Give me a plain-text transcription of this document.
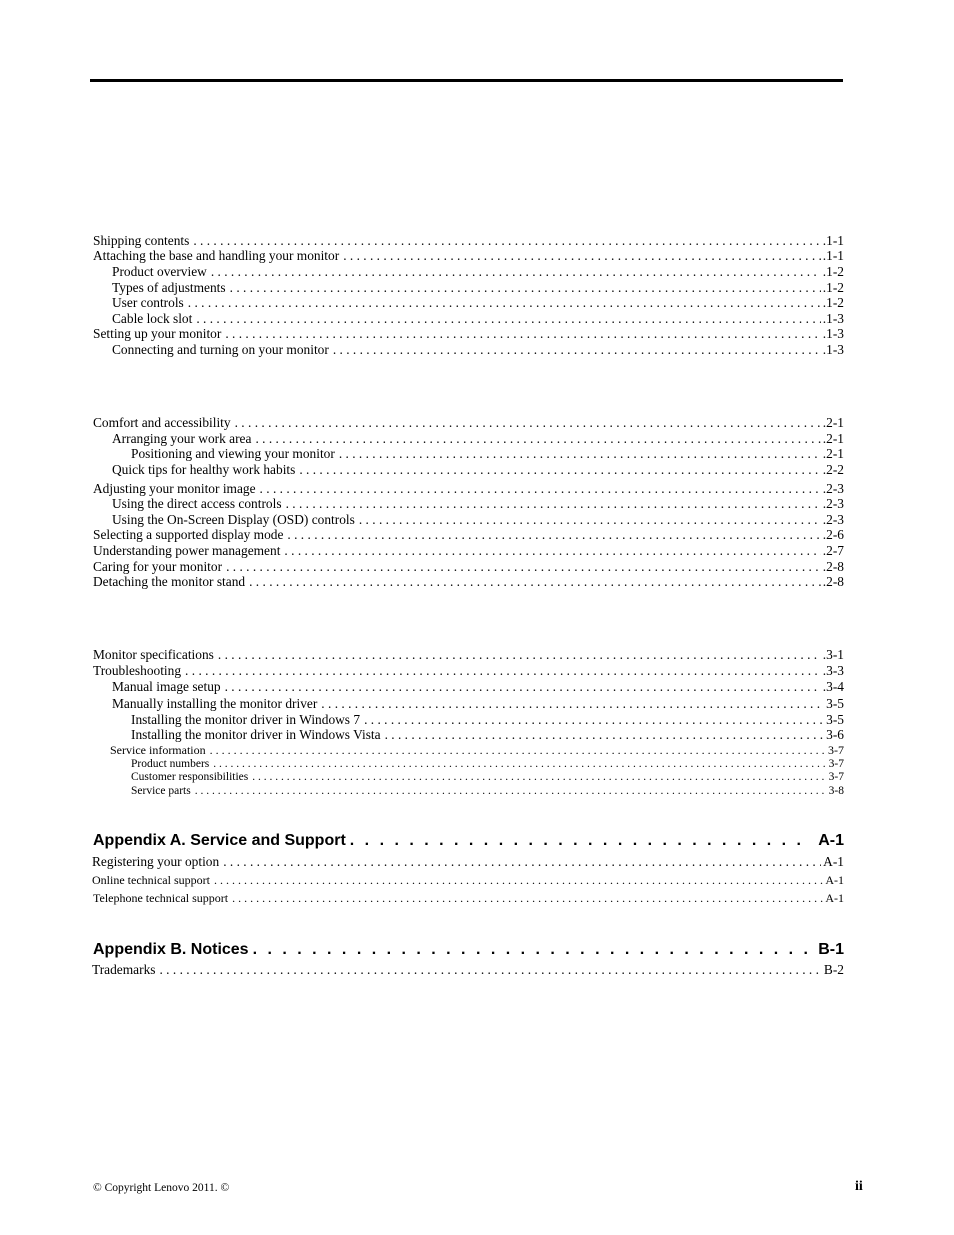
Shipping contents . . .	.1-1
Attaching the base and handling your monitor . . .	.1-1
Product overview . . .	.1-2
Types of adjustments . . .	.1-2
User controls . . .	.1-2
Cable lock slot . . .	.1-3
Setting up your monitor . . .	.1-3
Connecting and turning on your monitor . . .	.1-3
Comfort and accessibility . . .	.2-1
Arranging your work area . . .	.2-1
Positioning and viewing your monitor . . .	.2-1
Quick tips for healthy work habits . . .	.2-2
Adjusting your monitor image . . .	.2-3
Using the direct access controls . . .	.2-3
Using the On-Screen Display (OSD) controls . . .	.2-3
Selecting a supported display mode . . .	.2-6
Understanding power management . . .	.2-7
Caring for your monitor . . .	.2-8
Detaching the monitor stand . . .	.2-8
Monitor specifications . . .	.3-1
Troubleshooting . . .	.3-3
Manual image setup . . .	.3-4
Manually installing the monitor driver . . .	3-5
Installing the monitor driver in Windows 7 . . .	3-5
Installing the monitor driver in Windows Vista . . .	3-6
Service information . . .	3-7
Product numbers . . .	3-7
Customer responsibilities . . .	3-7
Service parts . . .	3-8
Appendix A. Service and Support . . .	A-1
Registering your option . . .	A-1
Online technical support . . .	A-1
Telephone technical support . . .	A-1
Appendix B. Notices . . .	B-1
Trademarks . . .	B-2
© Copyright Lenovo 2011. ©	ii
